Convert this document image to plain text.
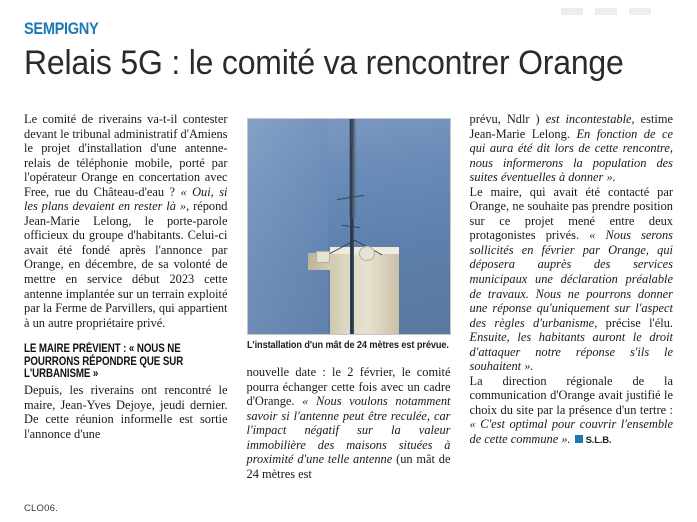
SEMPIGNY
Relais 5G : le comité va rencontrer Orange

Le comité de riverains va-t-il contester devant le tribunal administratif d'Amiens le projet d'installation d'une antenne-relais de téléphonie mobile, porté par l'opérateur Orange en concertation avec Free, rue du Château-d'eau ? « Oui, si les plans devaient en rester là », répond Jean-Marie Lelong, le porte-parole officieux du groupe d'habitants. Celui-ci avait été fondé après l'annonce par Orange, en décembre, de sa volonté de mettre en service début 2023 cette antenne implantée sur un terrain exploité par la Ferme de Parvillers, qui appartient à un autre propriétaire privé.

LE MAIRE PRÉVIENT : « NOUS NE POURRONS RÉPONDRE QUE SUR L'URBANISME »

Depuis, les riverains ont rencontré le maire, Jean-Yves Dejoye, jeudi dernier. De cette réunion informelle est sortie l'annonce d'une

L'installation d'un mât de 24 mètres est prévue.

nouvelle date : le 2 février, le comité pourra échanger cette fois avec un cadre d'Orange. « Nous voulons notamment savoir si l'antenne peut être reculée, car l'impact négatif sur la valeur immobilière des maisons situées à proximité d'une telle antenne (un mât de 24 mètres est

prévu, Ndlr ) est incontestable, estime Jean-Marie Lelong. En fonction de ce qui aura été dit lors de cette rencontre, nous informerons la population des suites éventuelles à donner ».

Le maire, qui avait été contacté par Orange, ne souhaite pas prendre position sur ce projet mené entre deux protagonistes privés. « Nous serons sollicités en février par Orange, qui déposera auprès des services municipaux une déclaration préalable de travaux. Nous ne pourrons donner une réponse qu'uniquement sur l'aspect des règles d'urbanisme, précise l'élu. Ensuite, les habitants auront le droit d'attaquer notre réponse s'ils le souhaitent ».

La direction régionale de la communication d'Orange avait justifié le choix du site par la présence d'un tertre : « C'est optimal pour couvrir l'ensemble de cette commune ». S.L.B.

CLO06.
